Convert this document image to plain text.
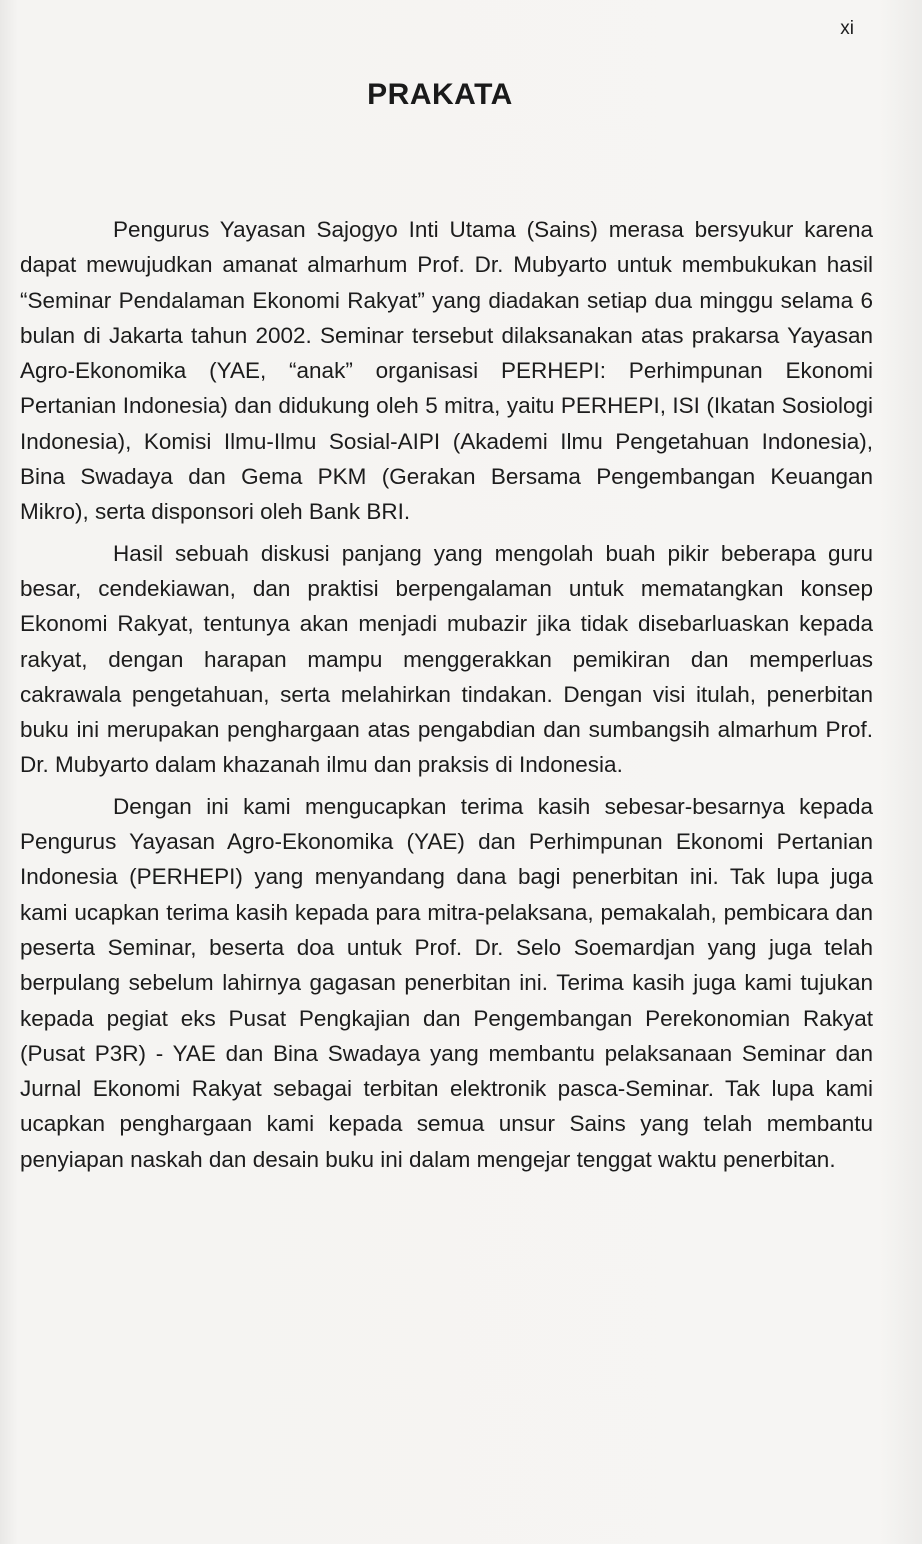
xi
PRAKATA

Pengurus Yayasan Sajogyo Inti Utama (Sains) merasa bersyukur karena dapat mewujudkan amanat almarhum Prof. Dr. Mubyarto untuk membukukan hasil “Seminar Pendalaman Ekonomi Rakyat” yang diadakan setiap dua minggu selama 6 bulan di Jakarta tahun 2002. Seminar tersebut dilaksanakan atas prakarsa Yayasan Agro-Ekonomika (YAE, “anak” organisasi PERHEPI: Perhimpunan Ekonomi Pertanian Indonesia) dan didukung oleh 5 mitra, yaitu PERHEPI, ISI (Ikatan Sosiologi Indonesia), Komisi Ilmu-Ilmu Sosial-AIPI (Akademi Ilmu Pengetahuan Indonesia), Bina Swadaya dan Gema PKM (Gerakan Bersama Pengembangan Keuangan Mikro), serta disponsori oleh Bank BRI.

Hasil sebuah diskusi panjang yang mengolah buah pikir beberapa guru besar, cendekiawan, dan praktisi berpengalaman untuk mematangkan konsep Ekonomi Rakyat, tentunya akan menjadi mubazir jika tidak disebarluaskan kepada rakyat, dengan harapan mampu menggerakkan pemikiran dan memperluas cakrawala pengetahuan, serta melahirkan tindakan. Dengan visi itulah, penerbitan buku ini merupakan penghargaan atas pengabdian dan sumbangsih almarhum Prof. Dr. Mubyarto dalam khazanah ilmu dan praksis di Indonesia.

Dengan ini kami mengucapkan terima kasih sebesar-besarnya kepada Pengurus Yayasan Agro-Ekonomika (YAE) dan Perhimpunan Ekonomi Pertanian Indonesia (PERHEPI) yang menyandang dana bagi penerbitan ini. Tak lupa juga kami ucapkan terima kasih kepada para mitra-pelaksana, pemakalah, pembicara dan peserta Seminar, beserta doa untuk Prof. Dr. Selo Soemardjan yang juga telah berpulang sebelum lahirnya gagasan penerbitan ini. Terima kasih juga kami tujukan kepada pegiat eks Pusat Pengkajian dan Pengembangan Perekonomian Rakyat (Pusat P3R) - YAE dan Bina Swadaya yang membantu pelaksanaan Seminar dan Jurnal Ekonomi Rakyat sebagai terbitan elektronik pasca-Seminar. Tak lupa kami ucapkan penghargaan kami kepada semua unsur Sains yang telah membantu penyiapan naskah dan desain buku ini dalam mengejar tenggat waktu penerbitan.
